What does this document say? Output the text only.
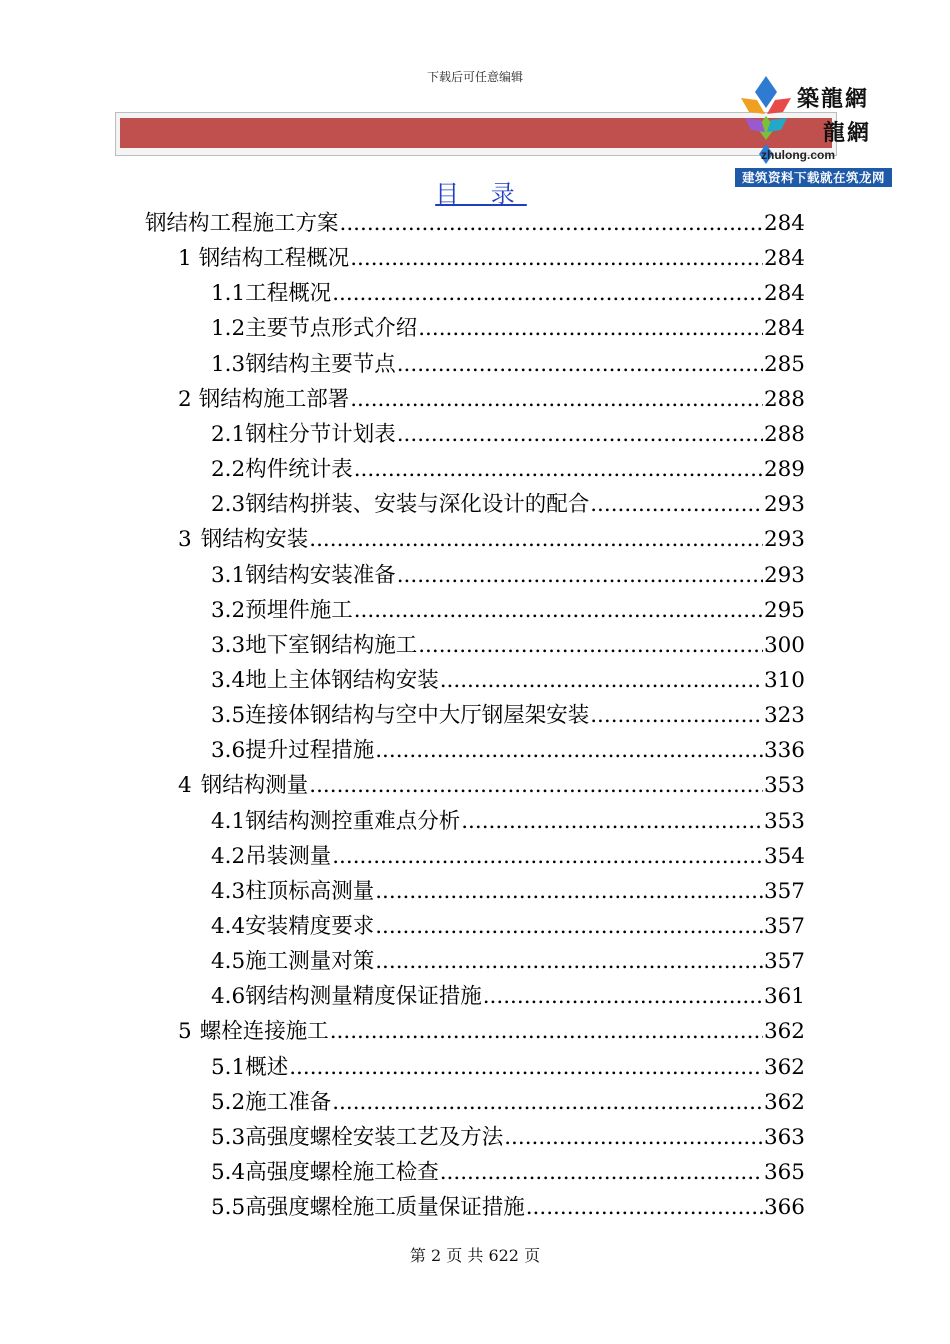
下载后可任意编辑
築龍網
龍網
zhulong.com
建筑资料下载就在筑龙网
目 录
钢结构工程施工方案 .....	284
1 钢结构工程概况 .....	284
1.1 工程概况 .....	284
1.2 主要节点形式介绍 .....	284
1.3 钢结构主要节点 .....	285
2 钢结构施工部署 .....	288
2.1 钢柱分节计划表 .....	288
2.2 构件统计表 .....	289
2.3 钢结构拼装、安装与深化设计的配合 .....	293
3 钢结构安装 .....	293
3.1 钢结构安装准备 .....	293
3.2 预埋件施工 .....	295
3.3 地下室钢结构施工 .....	300
3.4 地上主体钢结构安装 .....	310
3.5 连接体钢结构与空中大厅钢屋架安装 .....	323
3.6 提升过程措施 .....	336
4 钢结构测量 .....	353
4.1 钢结构测控重难点分析 .....	353
4.2 吊装测量 .....	354
4.3 柱顶标高测量 .....	357
4.4 安装精度要求 .....	357
4.5 施工测量对策 .....	357
4.6 钢结构测量精度保证措施 .....	361
5 螺栓连接施工 .....	362
5.1 概述 .....	362
5.2 施工准备 .....	362
5.3 高强度螺栓安装工艺及方法 .....	363
5.4 高强度螺栓施工检查 .....	365
5.5 高强度螺栓施工质量保证措施 .....	366
第 2 页 共 622 页
